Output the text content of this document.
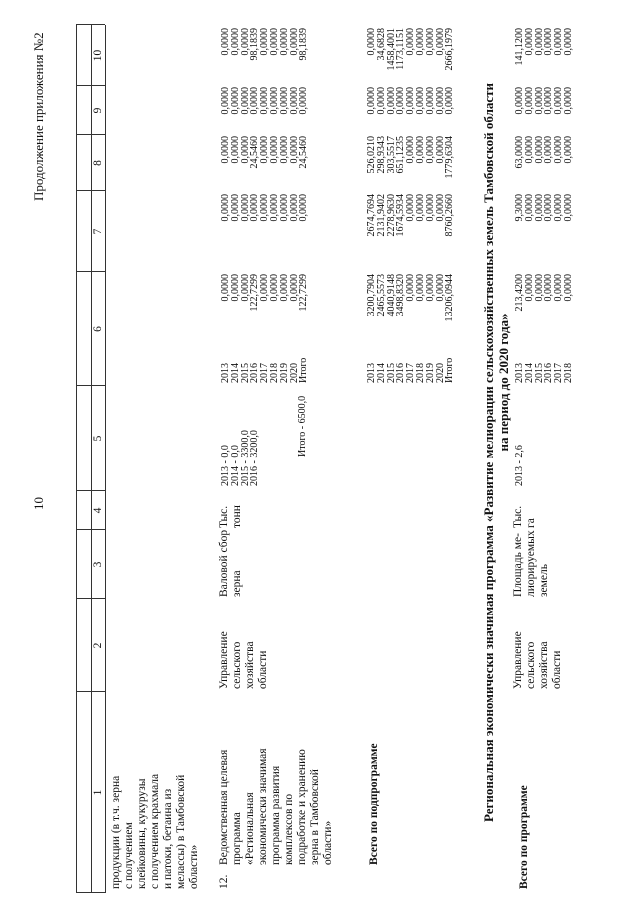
10
Продолжение приложения №2
1
2
3
4
5
6
7
8
9
10
продукции (в т.ч. зерна с получением клейковины, кукурузы с получением крахмала и патоки, бетаина из мелассы) в Тамбовской области» 12.
Ведомственная целевая программа «Региональная экономически значимая программа развития комплексов по подработке и хранению зерна в Тамбовской области»
Управление сельского хозяйства области
Валовой сбор зерна
Тыс. тонн
2013 - 0,0
2014 - 0,0
2015 - 3300,0
2016 - 3200,0
Итого - 6500,0
2013
2014
2015
2016
2017
2018
2019
2020
Итого
0,0000
0,0000
0,0000
122,7299
0,0000
0,0000
0,0000
0,0000
122,7299
0,0000
0,0000
0,0000
0,0000
0,0000
0,0000
0,0000
0,0000
0,0000
0,0000
0,0000
0,0000
24,5460
0,0000
0,0000
0,0000
0,0000
24,5460
0,0000
0,0000
0,0000
0,0000
0,0000
0,0000
0,0000
0,0000
0,0000
0,0000
0,0000
0,0000
98,1839
0,0000
0,0000
0,0000
0,0000
98,1839
Всего по подпрограмме
2013
2014
2015
2016
2017
2018
2019
2020
Итого
3200,7904
2465,5573
4040,9148
3498,8320
0,0000
0,0000
0,0000
0,0000
13206,0944
2674,7694
2131,9402
2278,9630
1674,5934
0,0000
0,0000
0,0000
0,0000
8760,2660
526,0210
298,9343
303,5517
651,1235
0,0000
0,0000
0,0000
0,0000
1779,6304
0,0000
0,0000
0,0000
0,0000
0,0000
0,0000
0,0000
0,0000
0,0000
0,0000
34,6828
1458,4001
1173,1151
0,0000
0,0000
0,0000
0,0000
2666,1979
Региональная экономически значимая программа «Развитие мелиорации сельскохозяйственных земель Тамбовской области на период до 2020 года»
Всего по программе
Управление сельского хозяйства области
Площадь ме- лиорируемых земель
Тыс. га
2013 - 2,6
2013
2014
2015
2016
2017
2018
213,4200
0,0000
0,0000
0,0000
0,0000
0,0000
9,3000
0,0000
0,0000
0,0000
0,0000
0,0000
63,0000
0,0000
0,0000
0,0000
0,0000
0,0000
0,0000
0,0000
0,0000
0,0000
0,0000
0,0000
141,1200
0,0000
0,0000
0,0000
0,0000
0,0000
